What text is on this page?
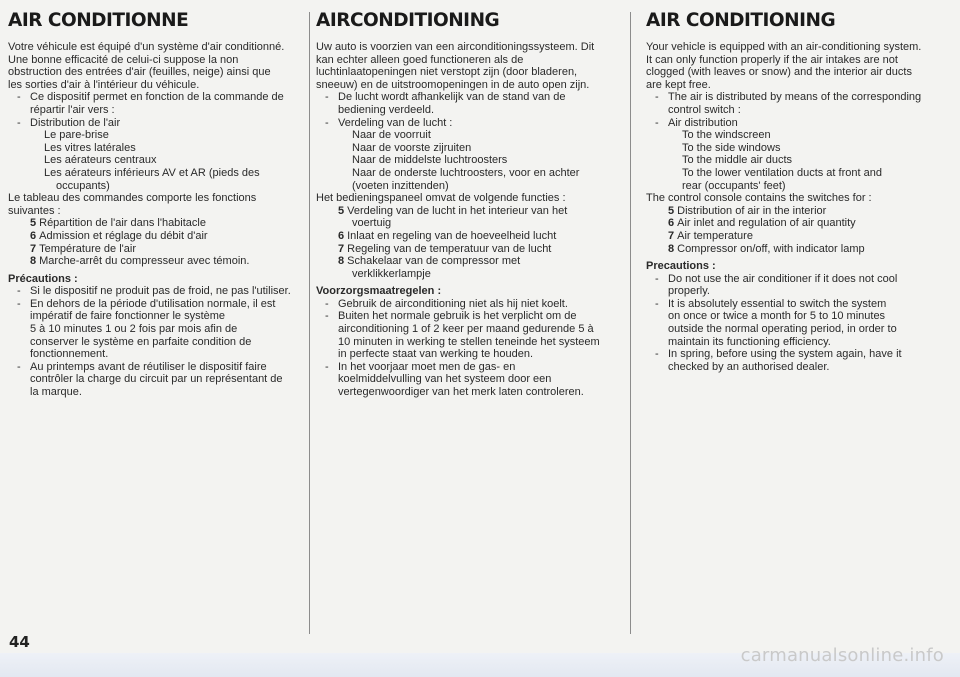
AIR CONDITIONNE

Votre véhicule est équipé d'un système d'air conditionné.

Une bonne efficacité de celui-ci suppose la non

obstruction des entrées d'air (feuilles, neige) ainsi que

les sorties d'air à l'intérieur du véhicule.

- Ce dispositif permet en fonction de la commande de
répartir l'air vers :
- Distribution de l'air

Le pare-brise

Les vitres latérales

Les aérateurs centraux

Les aérateurs inférieurs AV et AR (pieds des

occupants)

Le tableau des commandes comporte les fonctions

suivantes :

5 Répartition de l'air dans l'habitacle

6 Admission et réglage du débit d'air

7 Température de l'air

8 Marche-arrêt du compresseur avec témoin.

Précautions :

- Si le dispositif ne produit pas de froid, ne pas l'utiliser.
- En dehors de la période d'utilisation normale, il est
impératif de faire fonctionner le système
5 à 10 minutes 1 ou 2 fois par mois afin de
conserver le système en parfaite condition de
fonctionnement.
- Au printemps avant de réutiliser le dispositif faire
contrôler la charge du circuit par un représentant de
la marque.
AIRCONDITIONING

Uw auto is voorzien van een airconditioningssysteem. Dit

kan echter alleen goed functioneren als de

luchtinlaatopeningen niet verstopt zijn (door bladeren,

sneeuw) en de uitstroomopeningen in de auto open zijn.

- De lucht wordt afhankelijk van de stand van de
bediening verdeeld.
- Verdeling van de lucht :

Naar de voorruit

Naar de voorste zijruiten

Naar de middelste luchtroosters

Naar de onderste luchtroosters, voor en achter

(voeten inzittenden)

Het bedieningspaneel omvat de volgende functies :

5 Verdeling van de lucht in het interieur van het

voertuig

6 Inlaat en regeling van de hoeveelheid lucht

7 Regeling van de temperatuur van de lucht

8 Schakelaar van de compressor met

verklikkerlampje

Voorzorgsmaatregelen :

- Gebruik de airconditioning niet als hij niet koelt.
- Buiten het normale gebruik is het verplicht om de
airconditioning 1 of 2 keer per maand gedurende 5 à
10 minuten in werking te stellen teneinde het systeem
in perfecte staat van werking te houden.
- In het voorjaar moet men de gas- en
koelmiddelvulling van het systeem door een
vertegenwoordiger van het merk laten controleren.
AIR CONDITIONING

Your vehicle is equipped with an air-conditioning system.

It can only function properly if the air intakes are not

clogged (with leaves or snow) and the interior air ducts

are kept free.

- The air is distributed by means of the corresponding
control switch :
- Air distribution

To the windscreen

To the side windows

To the middle air ducts

To the lower ventilation ducts at front and

rear (occupants' feet)

The control console contains the switches for :

5 Distribution of air in the interior

6 Air inlet and regulation of air quantity

7 Air temperature

8 Compressor on/off, with indicator lamp

Precautions :

- Do not use the air conditioner if it does not cool
properly.
- It is absolutely essential to switch the system
on once or twice a month for 5 to 10 minutes
outside the normal operating period, in order to
maintain its functioning efficiency.
- In spring, before using the system again, have it
checked by an authorised dealer.
44
carmanualsonline.info
